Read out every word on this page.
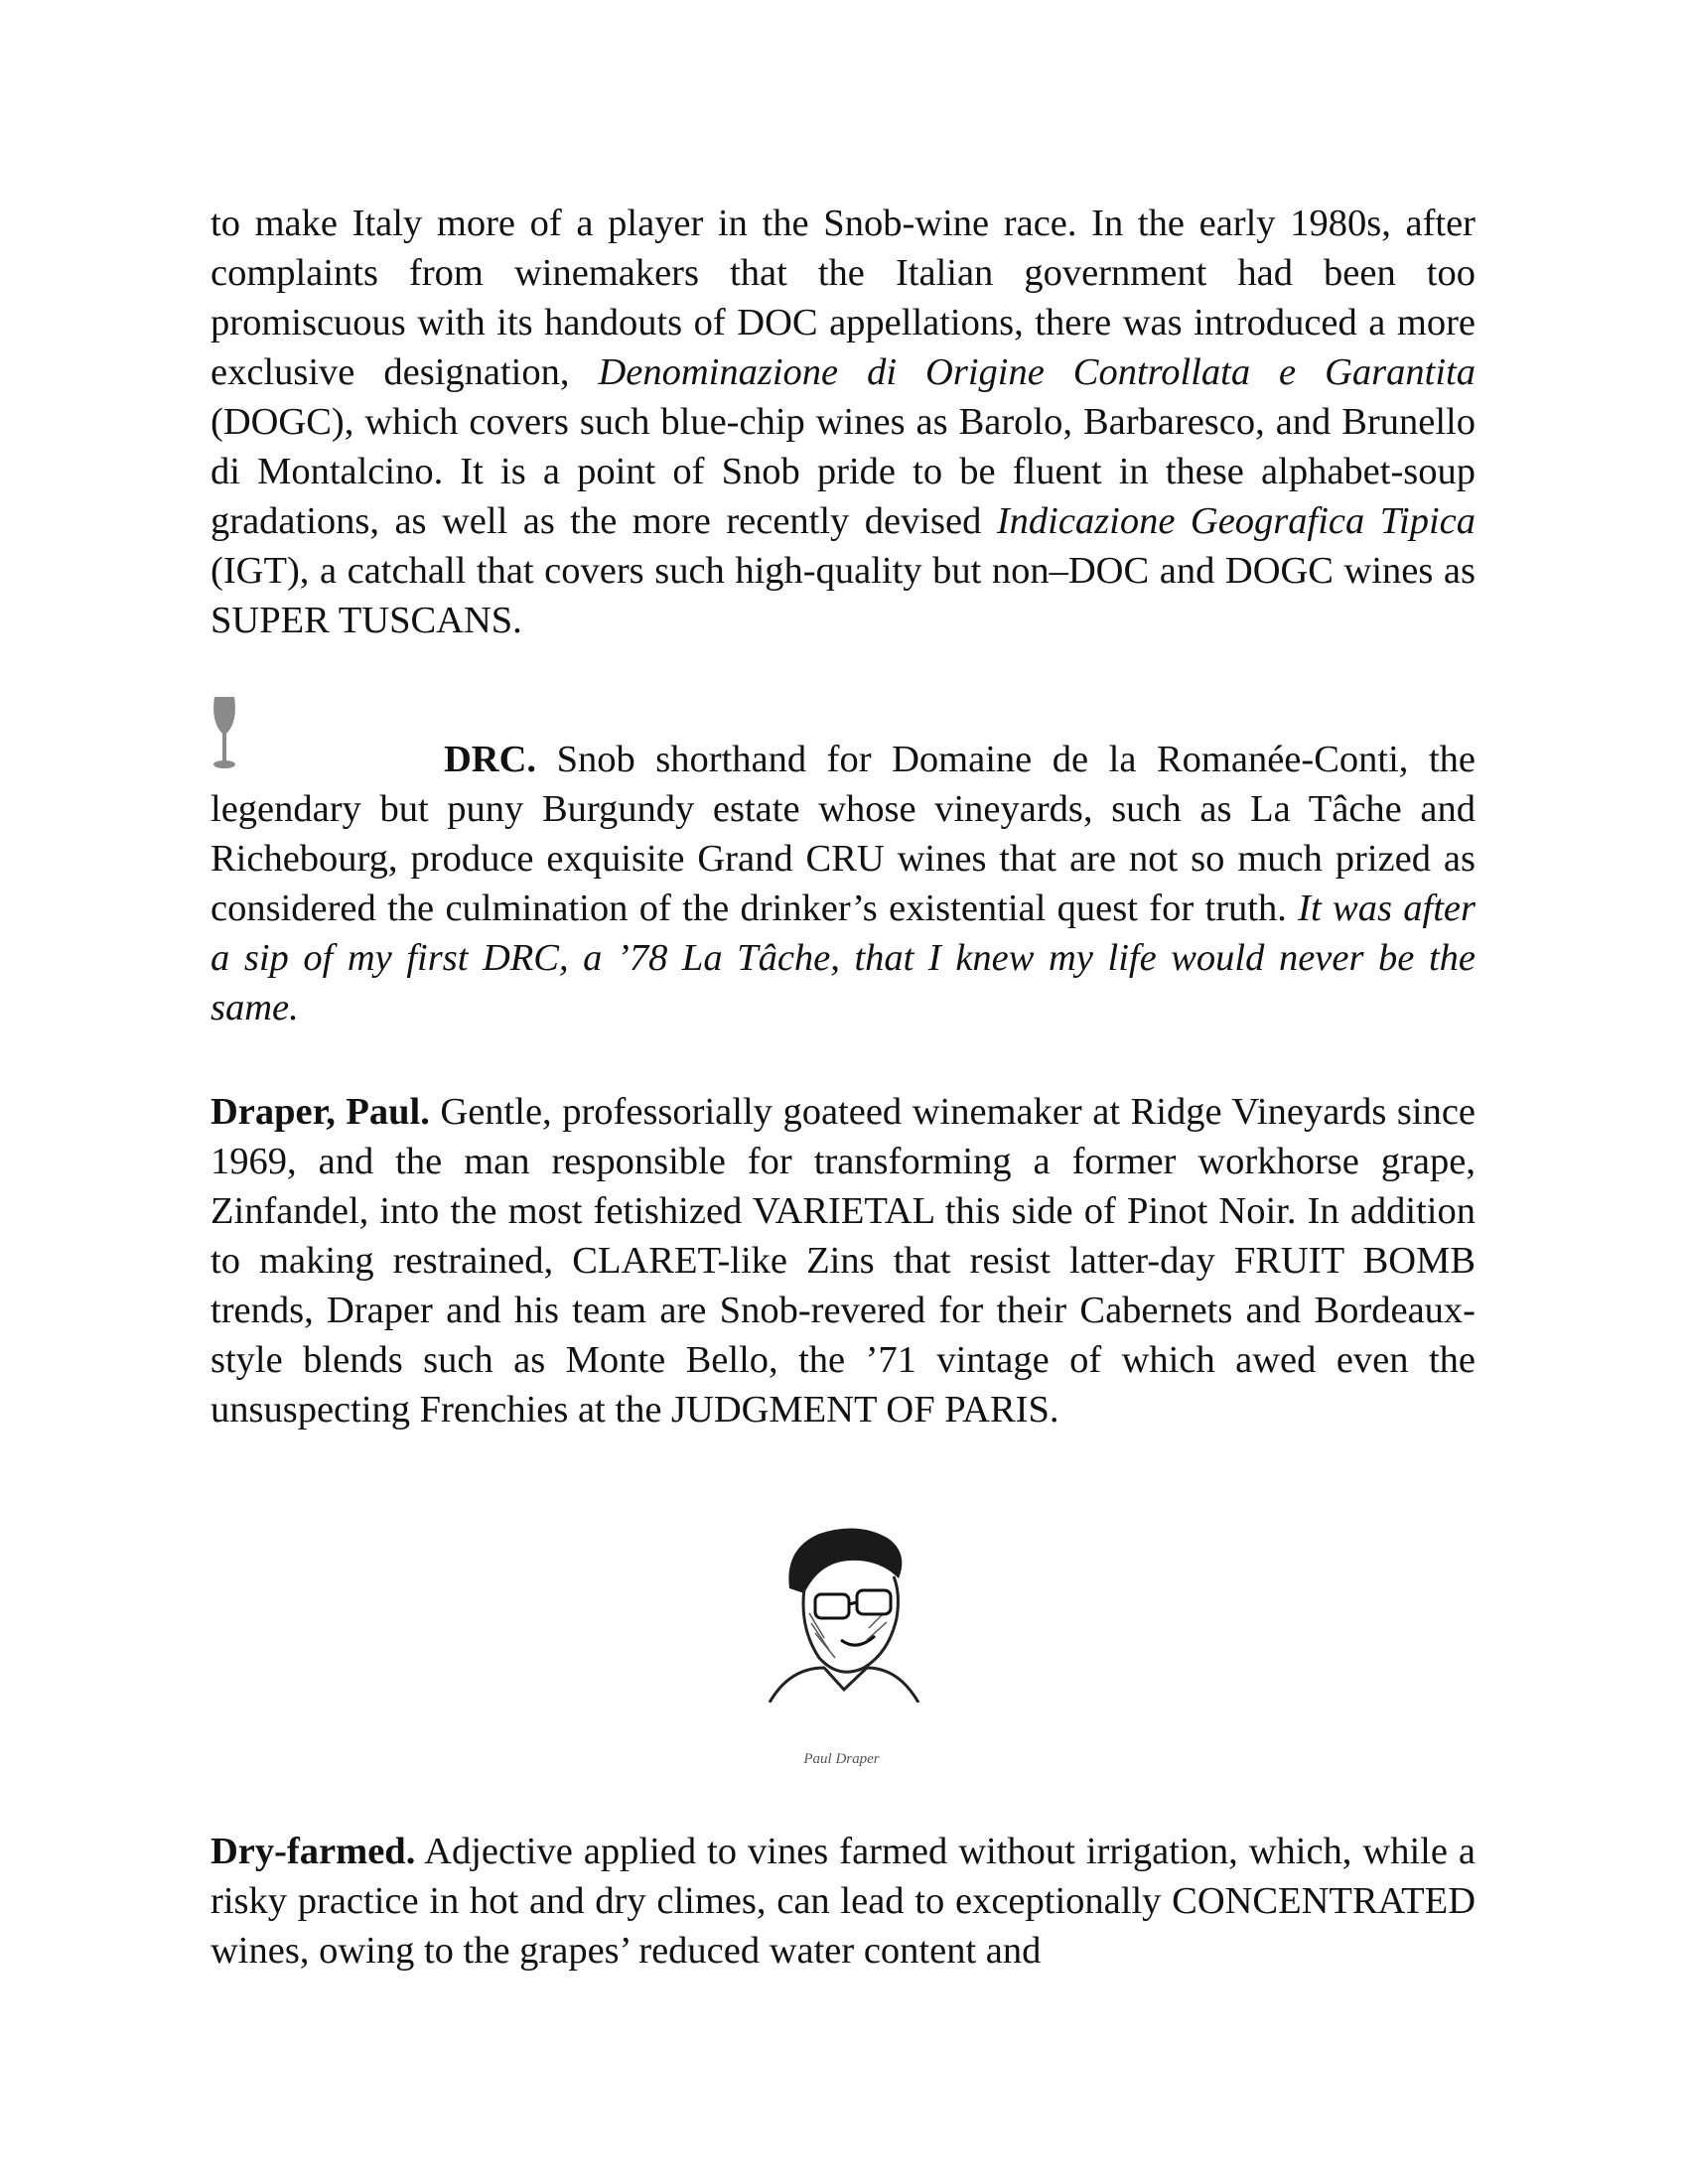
to make Italy more of a player in the Snob-wine race. In the early 1980s, after complaints from winemakers that the Italian government had been too promiscuous with its handouts of DOC appellations, there was introduced a more exclusive designation, Denominazione di Origine Controllata e Garantita (DOGC), which covers such blue-chip wines as Barolo, Barbaresco, and Brunello di Montalcino. It is a point of Snob pride to be fluent in these alphabet-soup gradations, as well as the more recently devised Indicazione Geografica Tipica (IGT), a catchall that covers such high-quality but non–DOC and DOGC wines as SUPER TUSCANS.

DRC. Snob shorthand for Domaine de la Romanée-Conti, the legendary but puny Burgundy estate whose vineyards, such as La Tâche and Richebourg, produce exquisite Grand CRU wines that are not so much prized as considered the culmination of the drinker’s existential quest for truth. It was after a sip of my first DRC, a ’78 La Tâche, that I knew my life would never be the same.

Draper, Paul. Gentle, professorially goateed winemaker at Ridge Vineyards since 1969, and the man responsible for transforming a former workhorse grape, Zinfandel, into the most fetishized VARIETAL this side of Pinot Noir. In addition to making restrained, CLARET-like Zins that resist latter-day FRUIT BOMB trends, Draper and his team are Snob-revered for their Cabernets and Bordeaux-style blends such as Monte Bello, the ’71 vintage of which awed even the unsuspecting Frenchies at the JUDGMENT OF PARIS.

Paul Draper

Dry-farmed. Adjective applied to vines farmed without irrigation, which, while a risky practice in hot and dry climes, can lead to exceptionally CONCENTRATED wines, owing to the grapes’ reduced water content and
